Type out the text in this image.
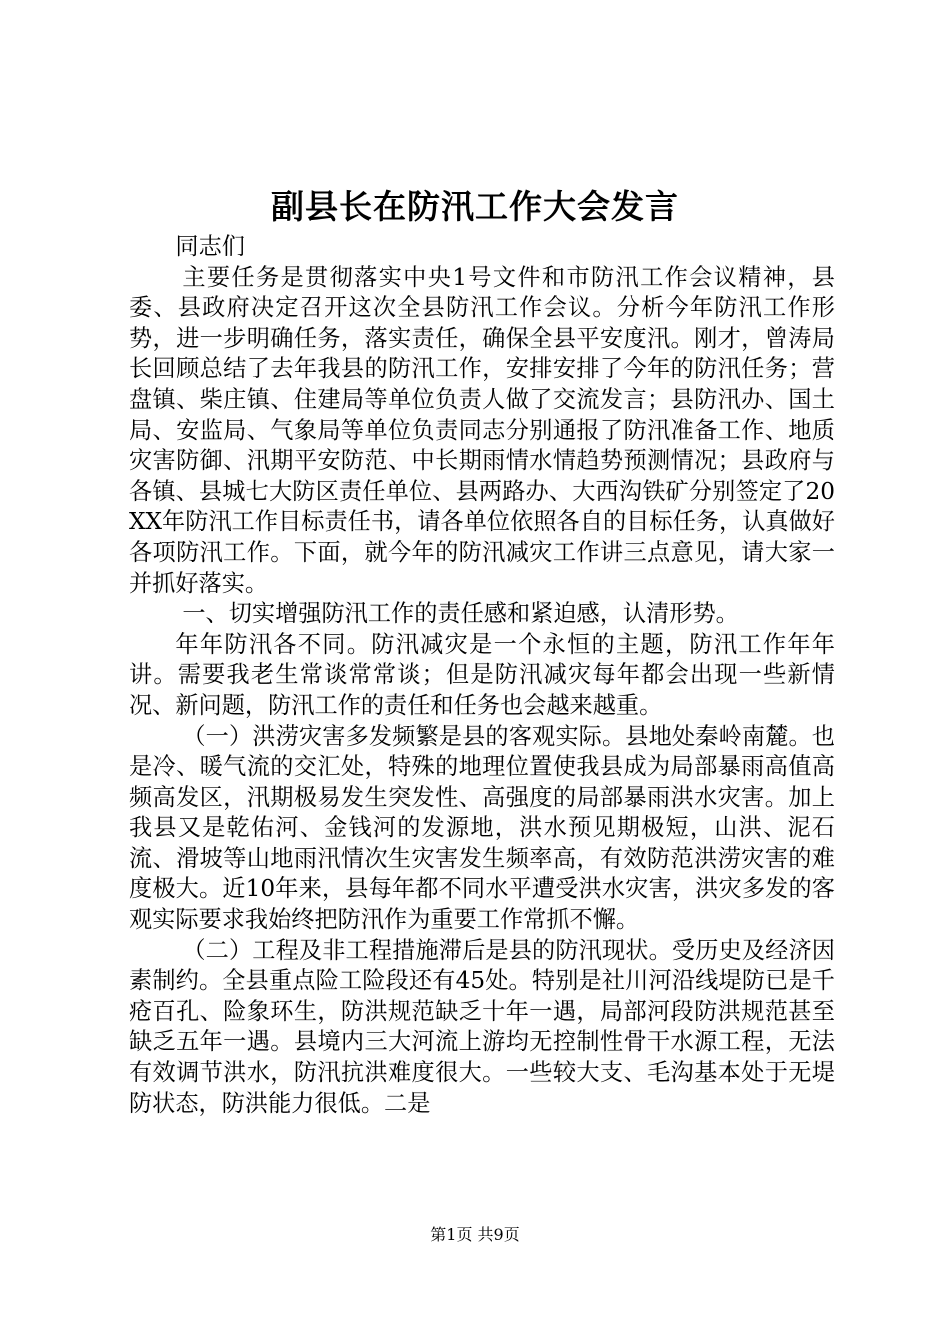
副县长在防汛工作大会发言

同志们

主要任务是贯彻落实中央1号文件和市防汛工作会议精神，县委、县政府决定召开这次全县防汛工作会议。分析今年防汛工作形势，进一步明确任务，落实责任，确保全县平安度汛。刚才，曾涛局长回顾总结了去年我县的防汛工作，安排安排了今年的防汛任务；营盘镇、柴庄镇、住建局等单位负责人做了交流发言；县防汛办、国土局、安监局、气象局等单位负责同志分别通报了防汛准备工作、地质灾害防御、汛期平安防范、中长期雨情水情趋势预测情况；县政府与各镇、县城七大防区责任单位、县两路办、大西沟铁矿分别签定了20XX年防汛工作目标责任书，请各单位依照各自的目标任务，认真做好各项防汛工作。下面，就今年的防汛减灾工作讲三点意见，请大家一并抓好落实。

一、切实增强防汛工作的责任感和紧迫感，认清形势。

年年防汛各不同。防汛减灾是一个永恒的主题，防汛工作年年讲。需要我老生常谈常常谈；但是防汛减灾每年都会出现一些新情况、新问题，防汛工作的责任和任务也会越来越重。

（一）洪涝灾害多发频繁是县的客观实际。县地处秦岭南麓。也是冷、暖气流的交汇处，特殊的地理位置使我县成为局部暴雨高值高频高发区，汛期极易发生突发性、高强度的局部暴雨洪水灾害。加上我县又是乾佑河、金钱河的发源地，洪水预见期极短，山洪、泥石流、滑坡等山地雨汛情次生灾害发生频率高，有效防范洪涝灾害的难度极大。近10年来，县每年都不同水平遭受洪水灾害，洪灾多发的客观实际要求我始终把防汛作为重要工作常抓不懈。

（二）工程及非工程措施滞后是县的防汛现状。受历史及经济因素制约。全县重点险工险段还有45处。特别是社川河沿线堤防已是千疮百孔、险象环生，防洪规范缺乏十年一遇，局部河段防洪规范甚至缺乏五年一遇。县境内三大河流上游均无控制性骨干水源工程，无法有效调节洪水，防汛抗洪难度很大。一些较大支、毛沟基本处于无堤防状态，防洪能力很低。二是

第1页 共9页
